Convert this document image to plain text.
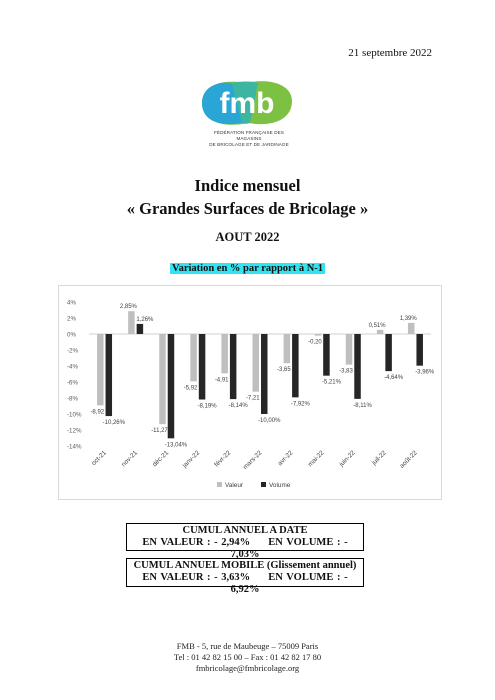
21 septembre 2022
fmb
FÉDÉRATION FRANÇAISE DES MAGASINS
DE BRICOLAGE ET DE JARDINAGE
Indice mensuel
« Grandes Surfaces de Bricolage »
AOUT 2022
Variation en % par rapport à N-1
4%
2%
0%
-2%
-4%
-6%
-8%
-10%
-12%
-14%
-8,92
-10,26%
oct-21
2,85%
1,26%
nov-21
-11,27
-13,04%
déc-21
-5,92
-8,19%
janv-22
-4,91
-8,14%
févr-22
-7,21
-10,00%
mars-22
-3,65
-7,92%
avr-22
-0,20
-5,21%
mai-22
-3,83
-8,11%
juin-22
0,51%
-4,64%
juil-22
1,39%
-3,96%
août-22
Valeur	Volume
CUMUL ANNUEL A DATE
EN VALEUR : - 2,94% EN VOLUME : - 7,03%
CUMUL ANNUEL MOBILE (Glissement annuel)
EN VALEUR : - 3,63% EN VOLUME : - 6,92%
FMB - 5, rue de Maubeuge – 75009 Paris
Tel : 01 42 82 15 00 – Fax : 01 42 82 17 80
fmbricolage@fmbricolage.org
